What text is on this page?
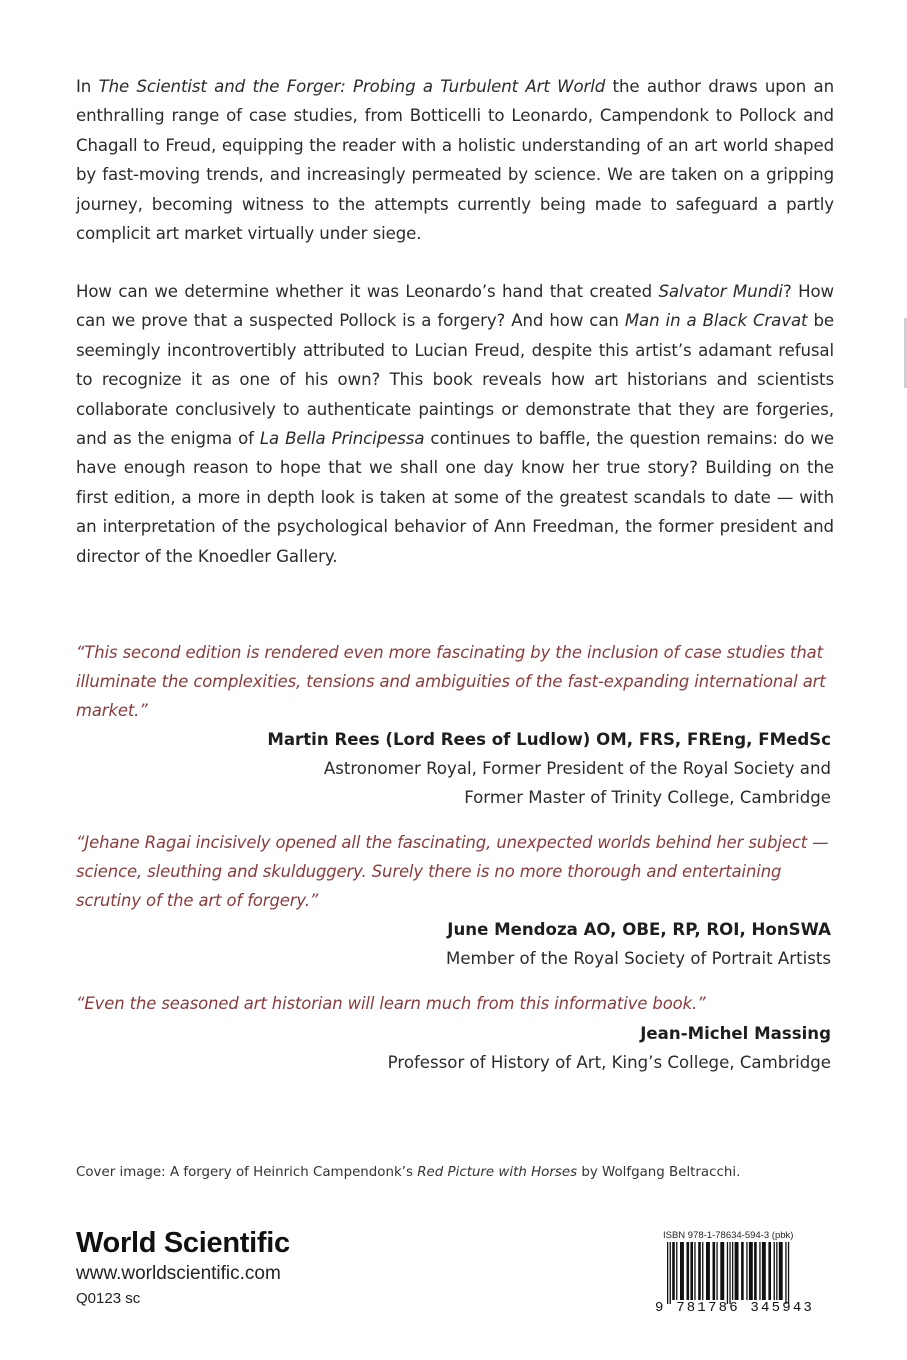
In The Scientist and the Forger: Probing a Turbulent Art World the author draws upon an enthralling range of case studies, from Botticelli to Leonardo, Campendonk to Pollock and Chagall to Freud, equipping the reader with a holistic understanding of an art world shaped by fast-moving trends, and increasingly permeated by science. We are taken on a gripping journey, becoming witness to the attempts currently being made to safeguard a partly complicit art market virtually under siege.

How can we determine whether it was Leonardo’s hand that created Salvator Mundi? How can we prove that a suspected Pollock is a forgery? And how can Man in a Black Cravat be seemingly incontrovertibly attributed to Lucian Freud, despite this artist’s adamant refusal to recognize it as one of his own? This book reveals how art historians and scientists collaborate conclusively to authenticate paintings or demonstrate that they are forgeries, and as the enigma of La Bella Principessa continues to baffle, the question remains: do we have enough reason to hope that we shall one day know her true story? Building on the first edition, a more in depth look is taken at some of the greatest scandals to date — with an interpretation of the psychological behavior of Ann Freedman, the former president and director of the Knoedler Gallery.

“This second edition is rendered even more fascinating by the inclusion of case studies that illuminate the complexities, tensions and ambiguities of the fast-expanding international art market.”

Martin Rees (Lord Rees of Ludlow) OM, FRS, FREng, FMedSc
Astronomer Royal, Former President of the Royal Society and
Former Master of Trinity College, Cambridge

“Jehane Ragai incisively opened all the fascinating, unexpected worlds behind her subject — science, sleuthing and skulduggery. Surely there is no more thorough and entertaining scrutiny of the art of forgery.”

June Mendoza AO, OBE, RP, ROI, HonSWA
Member of the Royal Society of Portrait Artists

“Even the seasoned art historian will learn much from this informative book.”

Jean-Michel Massing
Professor of History of Art, King’s College, Cambridge

Cover image: A forgery of Heinrich Campendonk’s Red Picture with Horses by Wolfgang Beltracchi.

World Scientific
www.worldscientific.com
Q0123 sc
ISBN 978-1-78634-594-3 (pbk)
9 781786 345943
